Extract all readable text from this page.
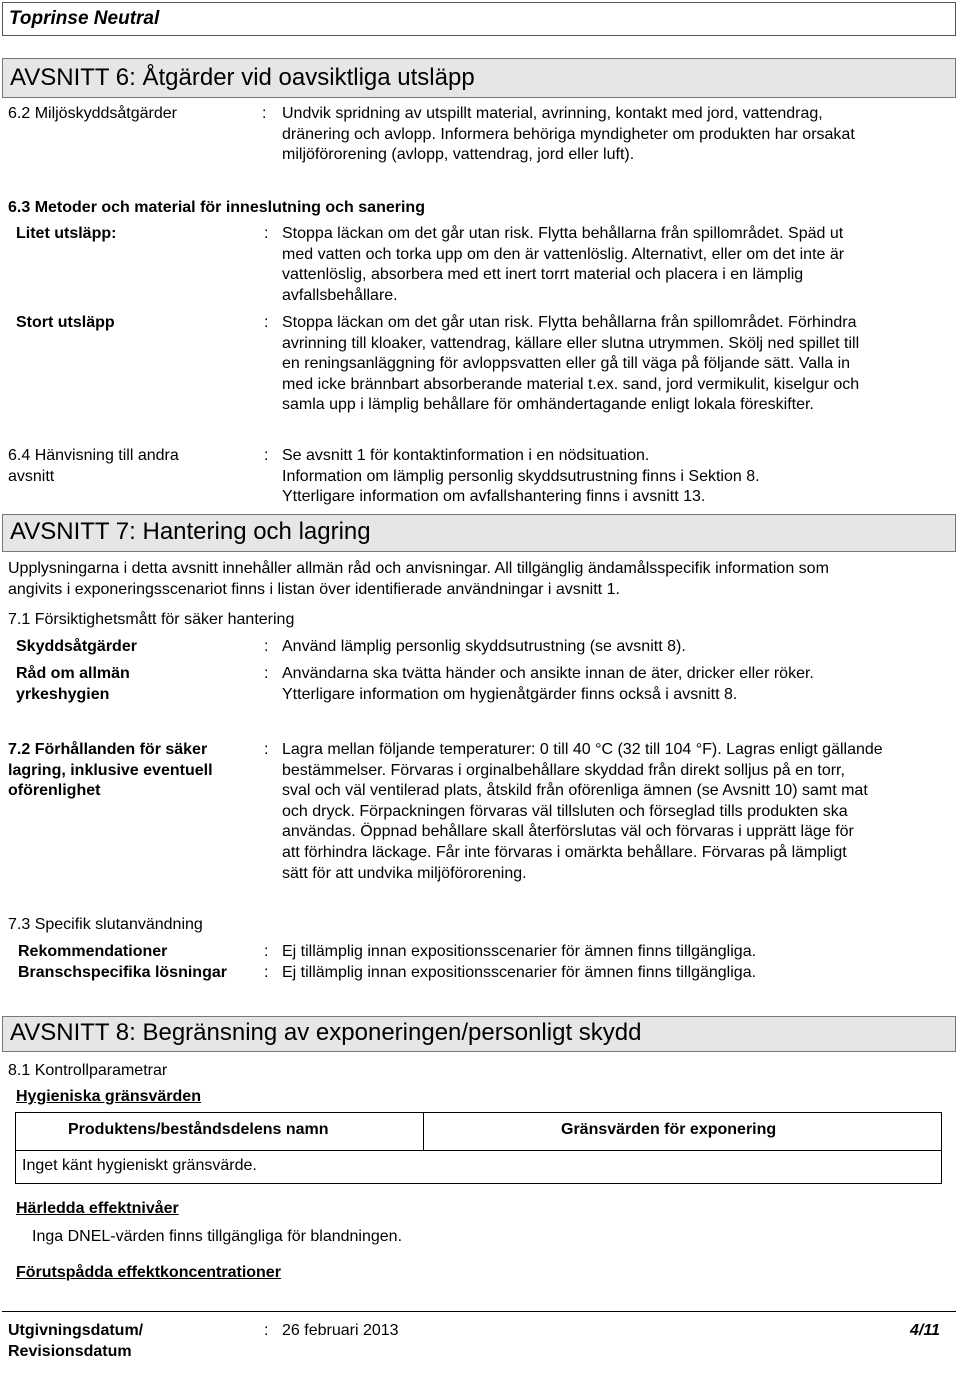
Toprinse Neutral
AVSNITT 6: Åtgärder vid oavsiktliga utsläpp
6.2 Miljöskyddsåtgärder	: Undvik spridning av utspillt material, avrinning, kontakt med jord, vattendrag,
dränering och avlopp. Informera behöriga myndigheter om produkten har orsakat
miljöförorening (avlopp, vattendrag, jord eller luft).
6.3 Metoder och material för inneslutning och sanering
Litet utsläpp:	: Stoppa läckan om det går utan risk. Flytta behållarna från spillområdet. Späd ut
med vatten och torka upp om den är vattenlöslig. Alternativt, eller om det inte är
vattenlöslig, absorbera med ett inert torrt material och placera i en lämplig
avfallsbehållare.
Stort utsläpp	: Stoppa läckan om det går utan risk. Flytta behållarna från spillområdet. Förhindra
avrinning till kloaker, vattendrag, källare eller slutna utrymmen. Skölj ned spillet till
en reningsanläggning för avloppsvatten eller gå till väga på följande sätt. Valla in
med icke brännbart absorberande material t.ex. sand, jord vermikulit, kiselgur och
samla upp i lämplig behållare för omhändertagande enligt lokala föreskifter.
6.4 Hänvisning till andra
avsnitt
: Se avsnitt 1 för kontaktinformation i en nödsituation.
Information om lämplig personlig skyddsutrustning finns i Sektion 8.
Ytterligare information om avfallshantering finns i avsnitt 13.
AVSNITT 7: Hantering och lagring
Upplysningarna i detta avsnitt innehåller allmän råd och anvisningar. All tillgänglig ändamålsspecifik information som
angivits i exponeringsscenariot finns i listan över identifierade användningar i avsnitt 1.
7.1 Försiktighetsmått för säker hantering
Skyddsåtgärder	: Använd lämplig personlig skyddsutrustning (se avsnitt 8).
Råd om allmän
yrkeshygien
: Användarna ska tvätta händer och ansikte innan de äter, dricker eller röker.
Ytterligare information om hygienåtgärder finns också i avsnitt 8.
7.2 Förhållanden för säker
lagring, inklusive eventuell
oförenlighet
: Lagra mellan följande temperaturer: 0 till 40 °C (32 till 104 °F). Lagras enligt gällande
bestämmelser. Förvaras i orginalbehållare skyddad från direkt solljus på en torr,
sval och väl ventilerad plats, åtskild från oförenliga ämnen (se Avsnitt 10) samt mat
och dryck. Förpackningen förvaras väl tillsluten och förseglad tills produkten ska
användas. Öppnad behållare skall återförslutas väl och förvaras i upprätt läge för
att förhindra läckage. Får inte förvaras i omärkta behållare. Förvaras på lämpligt
sätt för att undvika miljöförorening.
7.3 Specifik slutanvändning
Rekommendationer	: Ej tillämplig innan expositionsscenarier för ämnen finns tillgängliga.
Branschspecifika lösningar : Ej tillämplig innan expositionsscenarier för ämnen finns tillgängliga.
AVSNITT 8: Begränsning av exponeringen/personligt skydd
8.1 Kontrollparametrar
Hygieniska gränsvärden
Produktens/beståndsdelens namn	Gränsvärden för exponering
Inget känt hygieniskt gränsvärde.
Härledda effektnivåer
Inga DNEL-värden finns tillgängliga för blandningen.
Förutspådda effektkoncentrationer
Utgivningsdatum/
Revisionsdatum
: 26 februari 2013	4/11
